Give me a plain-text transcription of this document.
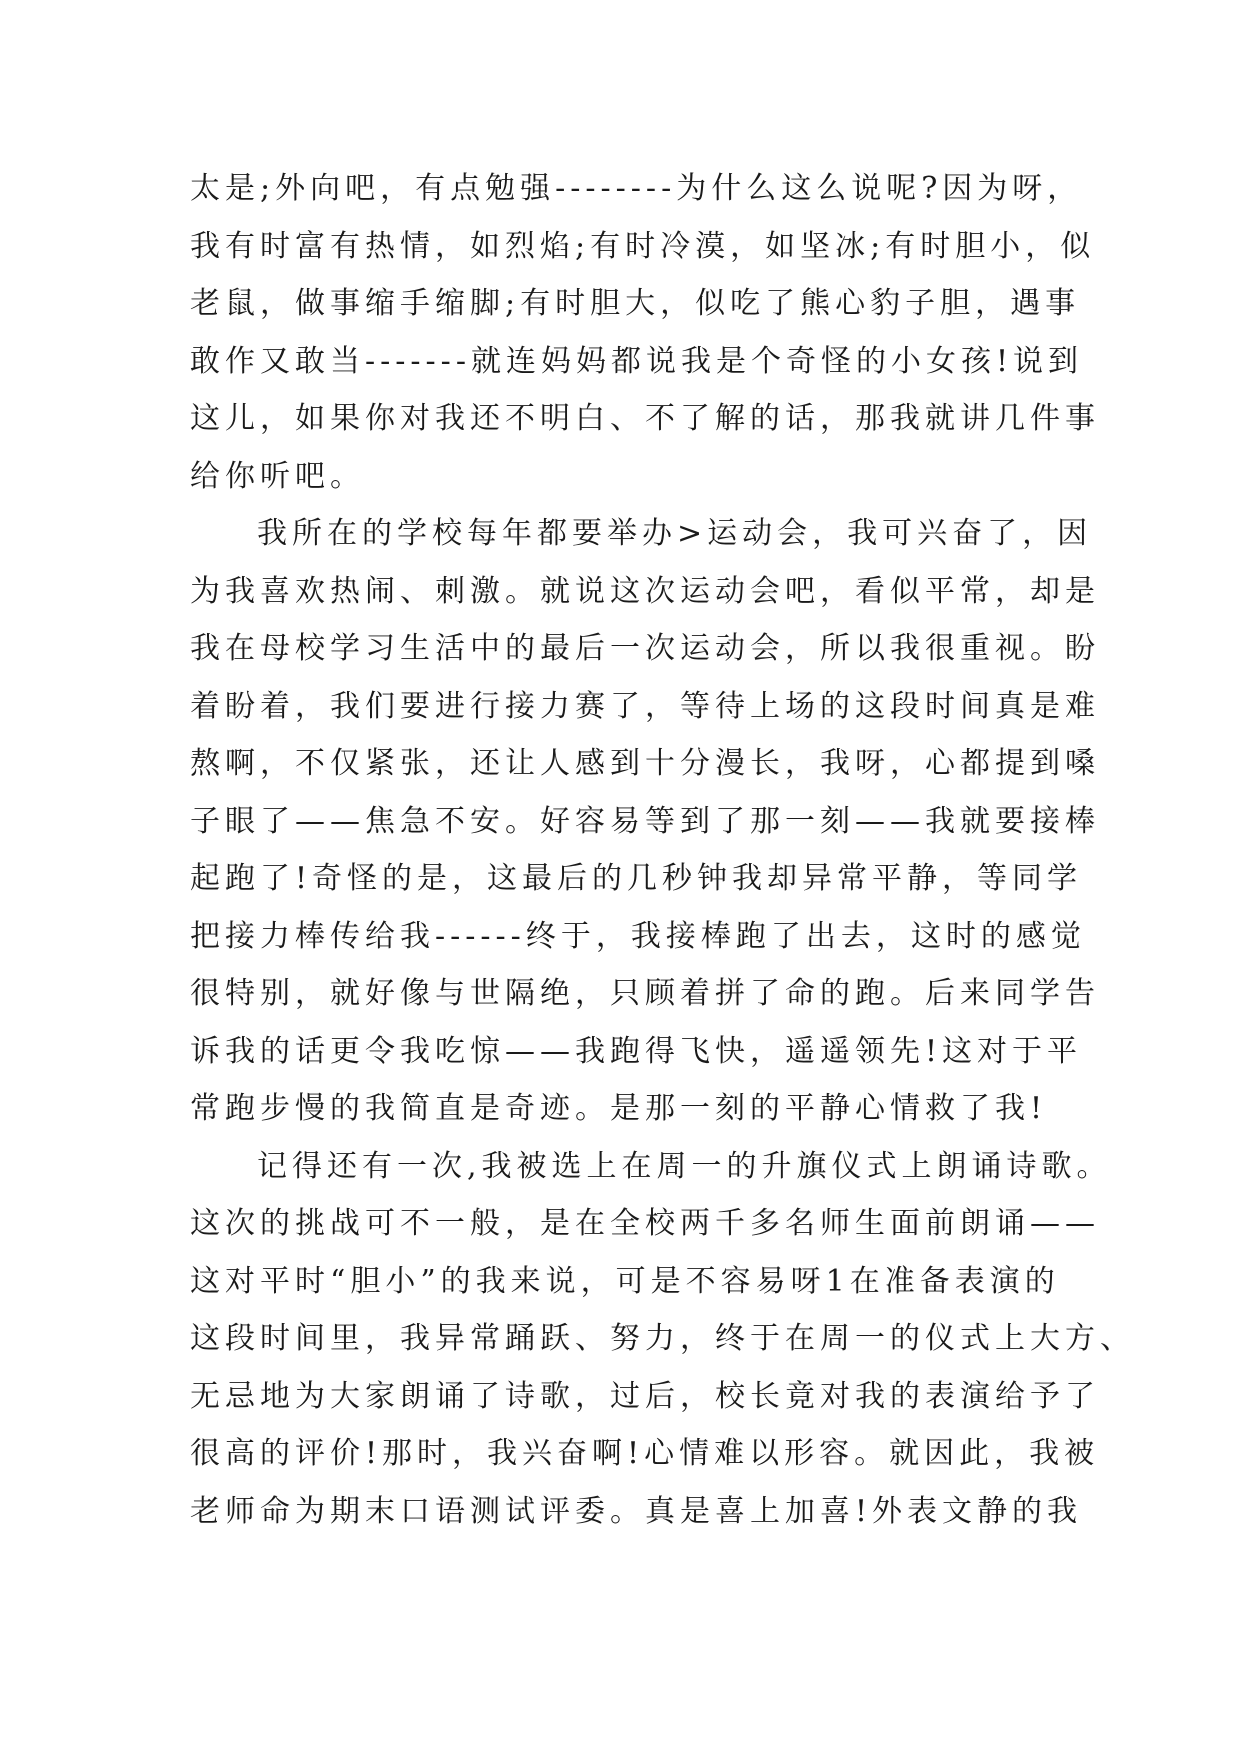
太是;外向吧，有点勉强--------为什么这么说呢?因为呀，
我有时富有热情，如烈焰;有时冷漠，如坚冰;有时胆小，似
老鼠，做事缩手缩脚;有时胆大，似吃了熊心豹子胆，遇事
敢作又敢当-------就连妈妈都说我是个奇怪的小女孩!说到
这儿，如果你对我还不明白、不了解的话，那我就讲几件事
给你听吧。
我所在的学校每年都要举办>运动会，我可兴奋了，因
为我喜欢热闹、刺激。就说这次运动会吧，看似平常，却是
我在母校学习生活中的最后一次运动会，所以我很重视。盼
着盼着，我们要进行接力赛了，等待上场的这段时间真是难
熬啊，不仅紧张，还让人感到十分漫长，我呀，心都提到嗓
子眼了——焦急不安。好容易等到了那一刻——我就要接棒
起跑了!奇怪的是，这最后的几秒钟我却异常平静，等同学
把接力棒传给我------终于，我接棒跑了出去，这时的感觉
很特别，就好像与世隔绝，只顾着拼了命的跑。后来同学告
诉我的话更令我吃惊——我跑得飞快，遥遥领先!这对于平
常跑步慢的我简直是奇迹。是那一刻的平静心情救了我!
记得还有一次,我被选上在周一的升旗仪式上朗诵诗歌。
这次的挑战可不一般，是在全校两千多名师生面前朗诵——
这对平时“胆小”的我来说，可是不容易呀1在准备表演的
这段时间里，我异常踊跃、努力，终于在周一的仪式上大方、
无忌地为大家朗诵了诗歌，过后，校长竟对我的表演给予了
很高的评价!那时，我兴奋啊!心情难以形容。就因此，我被
老师命为期末口语测试评委。真是喜上加喜!外表文静的我
